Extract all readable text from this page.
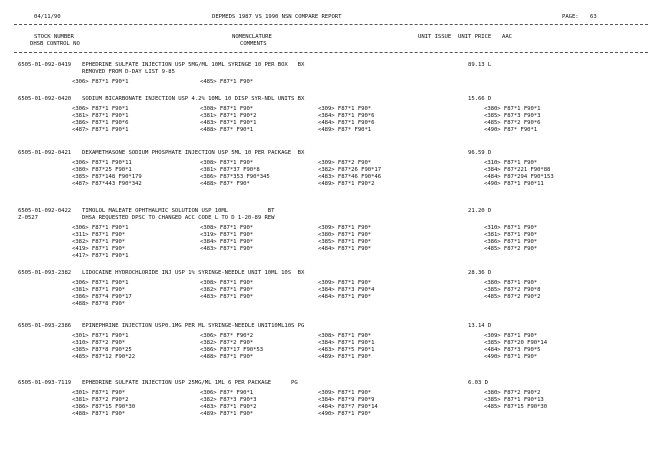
04/11/90	DEPMEDS 1987 VS 1990 NSN COMPARE REPORT	PAGE: 63
STOCK NUMBER
DHSB CONTROL NO
NOMENCLATURE
COMMENTS
UNIT ISSUE UNIT PRICE AAC
6505-01-092-0419 EPHEDRINE SULFATE INJECTION USP 5MG/ML 10ML SYRINGE 10 PER BOX   BX	89.13 L
REMOVED FROM D-DAY LIST 9-85
<306> F87*1 F90*1	<485> F87*1 F90*
6505-01-092-0420 SODIUM BICARBONATE INJECTION USP 4.2% 10ML 10 DISP SYR-NDL UNITS BX	15.66 D
<306> F87*1 F90*1	<308> F87*1 F90*	<309> F87*1 F90*	<380> F87*1 F90*1
<381> F87*1 F90*1	<381> F87*1 F90*2	<384> F87*1 F90*6	<385> F87*3 F90*3
<386> F87*1 F90*6	<483> F87*1 F90*1	<484> F87*1 F90*6	<485> F87*2 F90*6
<487> F87*1 F90*1	<488> F87* F90*1	<489> F87* F90*1	<490> F87* F90*1
6505-01-092-0421 DEXAMETHASONE SODIUM PHOSPHATE INJECTION USP 5ML 10 PER PACKAGE  BX	96.59 D
<306> F87*1 F90*11	<308> F87*1 F90*	<309> F87*2 F90*	<310> F87*1 F90*
<380> F87*25 F90*1	<381> F87*37 F90*8	<382> F87*26 F90*17	<384> F87*221 F90*88
<385> F87*148 F90*179	<386> F87*353 F90*345	<483> F87*46 F90*46	<484> F87*294 F90*153
<487> F87*443 F90*342	<488> F87* F90*	<489> F87*1 F90*2	<490> F87*1 F90*11
6505-01-092-0422
Z-0527
TIMOLOL MALEATE OPHTHALMIC SOLUTION USP 10ML            BT	21.20 D
DHSA REQUESTED DPSC TO CHANGED ACC CODE L TO D 1-20-89 REW
<306> F87*1 F90*1	<308> F87*1 F90*	<309> F87*1 F90*	<310> F87*1 F90*
<311> F87*1 F90*	<319> F87*1 F90*	<380> F87*1 F90*	<381> F87*1 F90*
<382> F87*1 F90*	<384> F87*1 F90*	<385> F87*1 F90*	<386> F87*1 F90*
<419> F87*1 F90*	<483> F87*1 F90*	<484> F87*1 F90*	<485> F87*2 F90*
<417> F87*1 F90*1
6505-01-093-2382 LIDOCAINE HYDROCHLORIDE INJ USP 1% SYRINGE-NEEDLE UNIT 10ML 10S  BX	28.36 D
<306> F87*1 F90*1	<308> F87*1 F90*	<309> F87*1 F90*	<380> F87*1 F90*
<381> F87*1 F90*	<382> F87*1 F90*	<384> F87*3 F90*4	<385> F87*2 F90*8
<386> F87*4 F90*17	<483> F87*1 F90*	<484> F87*1 F90*	<485> F87*2 F90*2
<488> F87*8 F90*
6505-01-093-2386 EPINEPHRINE INJECTION USP0.1MG PER ML SYRINGE-NEEDLE UNIT10ML10S PG	13.14 D
<301> F87*1 F90*1	<306> F87* F90*2	<308> F87*1 F90*	<309> F87*1 F90*
<310> F87*2 F90*	<382> F87*2 F90*	<384> F87*1 F90*1	<385> F87*20 F90*14
<385> F87*8 F90*25	<386> F87*17 F90*53	<483> F87*5 F90*1	<484> F87*3 F90*5
<485> F87*12 F90*22	<488> F87*1 F90*	<489> F87*1 F90*	<490> F87*1 F90*
6505-01-093-7119 EPHEDRINE SULFATE INJECTION USP 25MG/ML 1ML 6 PER PACKAGE      PG	6.03 D
<301> F87*1 F90*	<306> F87* F90*1	<309> F87*1 F90*	<380> F87*2 F90*2
<381> F87*2 F90*2	<382> F87*3 F90*3	<384> F87*9 F90*9	<385> F87*1 F90*13
<386> F87*15 F90*30	<483> F87*1 F90*2	<484> F87*7 F90*14	<485> F87*15 F90*30
<488> F87*1 F90*	<489> F87*1 F90*	<490> F87*1 F90*
